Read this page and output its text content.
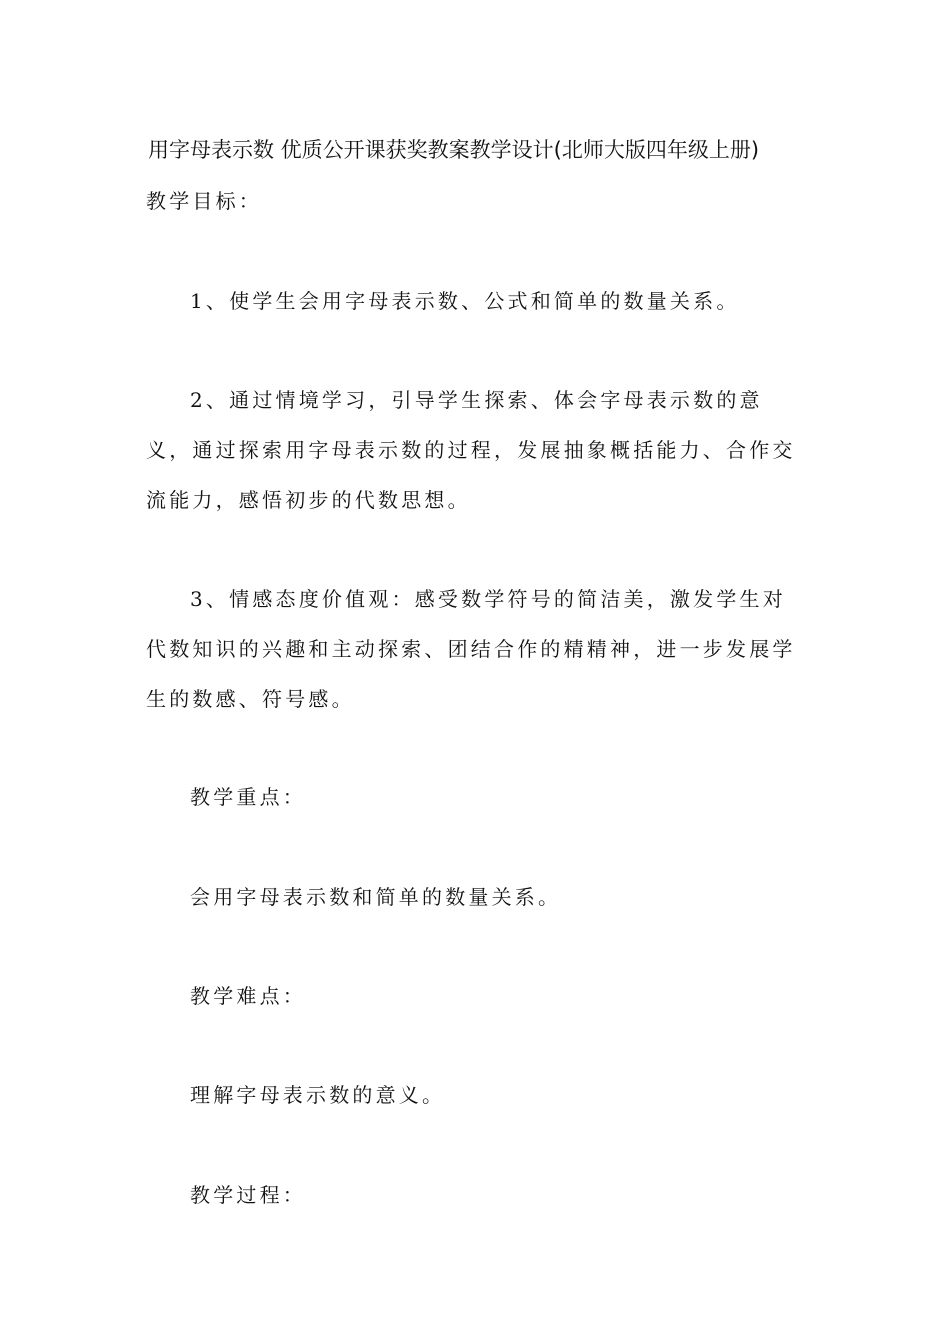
用字母表示数 优质公开课获奖教案教学设计(北师大版四年级上册)
教学目标：
1、使学生会用字母表示数、公式和简单的数量关系。
2、通过情境学习，引导学生探索、体会字母表示数的意义，通过探索用字母表示数的过程，发展抽象概括能力、合作交流能力，感悟初步的代数思想。
3、情感态度价值观：感受数学符号的简洁美，激发学生对代数知识的兴趣和主动探索、团结合作的精精神，进一步发展学生的数感、符号感。
教学重点：
会用字母表示数和简单的数量关系。
教学难点：
理解字母表示数的意义。
教学过程：
